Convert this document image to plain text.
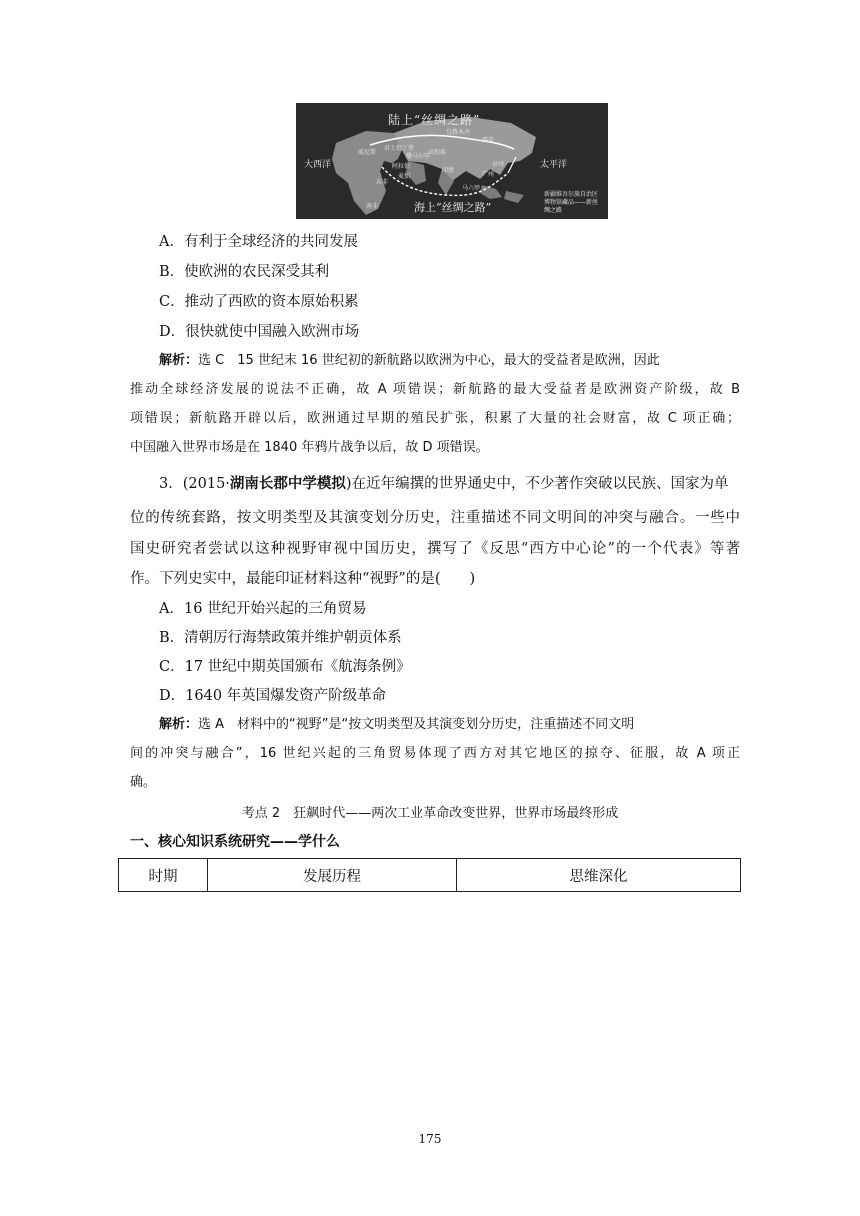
陆上“丝绸之路”
大西洋	太平洋
海上“丝绸之路”
新疆维吾尔族自治区博物馆藏品——新丝绸之路
乌鲁木齐
西安
威尼斯
君士坦丁堡
撒马尔罕
高加索
泉州
广州
阿拉伯
印度
东非
麦加
马六甲
南非
A．有利于全球经济的共同发展
B．使欧洲的农民深受其利
C．推动了西欧的资本原始积累
D．很快就使中国融入欧洲市场
解析：选 C　15 世纪末 16 世纪初的新航路以欧洲为中心，最大的受益者是欧洲，因此
推动全球经济发展的说法不正确，故 A 项错误；新航路的最大受益者是欧洲资产阶级，故 B
项错误；新航路开辟以后，欧洲通过早期的殖民扩张，积累了大量的社会财富，故 C 项正确；
中国融入世界市场是在 1840 年鸦片战争以后，故 D 项错误。
3．(2015·湖南长郡中学模拟)在近年编撰的世界通史中，不少著作突破以民族、国家为单
位的传统套路，按文明类型及其演变划分历史，注重描述不同文明间的冲突与融合。一些中
国史研究者尝试以这种视野审视中国历史，撰写了《反思“西方中心论”的一个代表》等著
作。下列史实中，最能印证材料这种“视野”的是(　　)
A．16 世纪开始兴起的三角贸易
B．清朝厉行海禁政策并维护朝贡体系
C．17 世纪中期英国颁布《航海条例》
D．1640 年英国爆发资产阶级革命
解析：选 A　材料中的“视野”是“按文明类型及其演变划分历史，注重描述不同文明
间的冲突与融合”，16 世纪兴起的三角贸易体现了西方对其它地区的掠夺、征服，故 A 项正
确。
考点 2　狂飙时代——两次工业革命改变世界，世界市场最终形成
一、核心知识系统研究——学什么
时期	发展历程	思维深化
175
